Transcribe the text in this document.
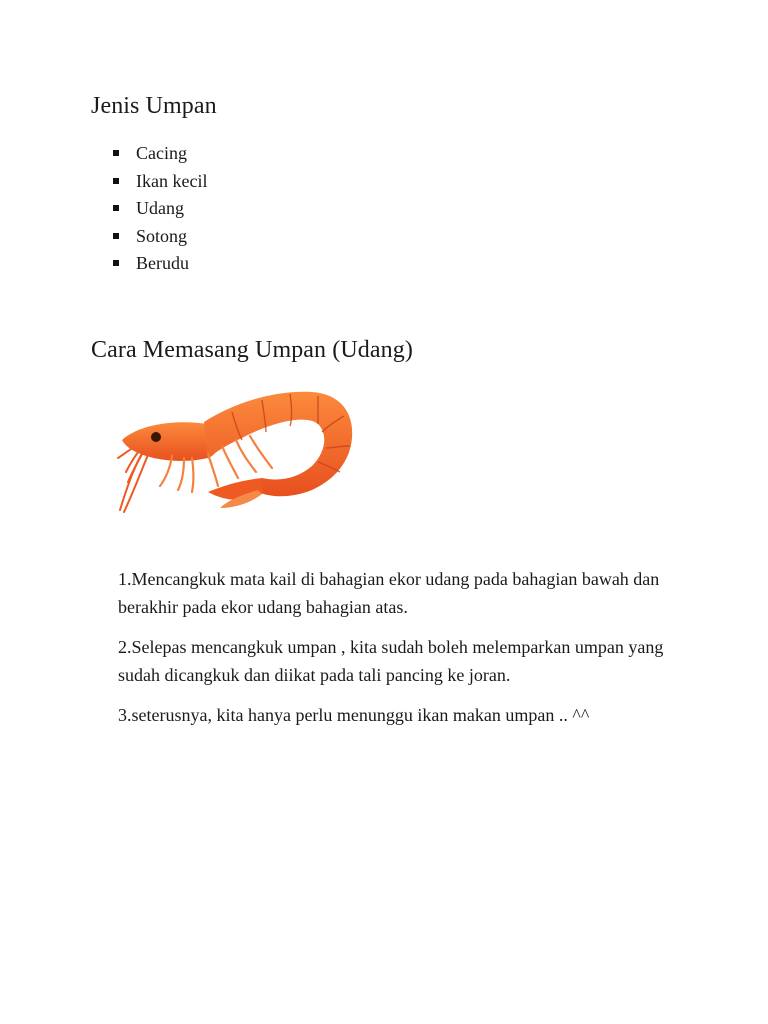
Jenis Umpan
Cacing
Ikan kecil
Udang
Sotong
Berudu
Cara Memasang Umpan (Udang)

1.Mencangkuk mata kail di bahagian ekor udang pada bahagian bawah dan berakhir pada ekor udang bahagian atas.

2.Selepas mencangkuk umpan , kita sudah boleh melemparkan umpan yang sudah dicangkuk dan diikat pada tali pancing ke joran.

3.seterusnya, kita hanya perlu menunggu ikan makan umpan .. ^^
